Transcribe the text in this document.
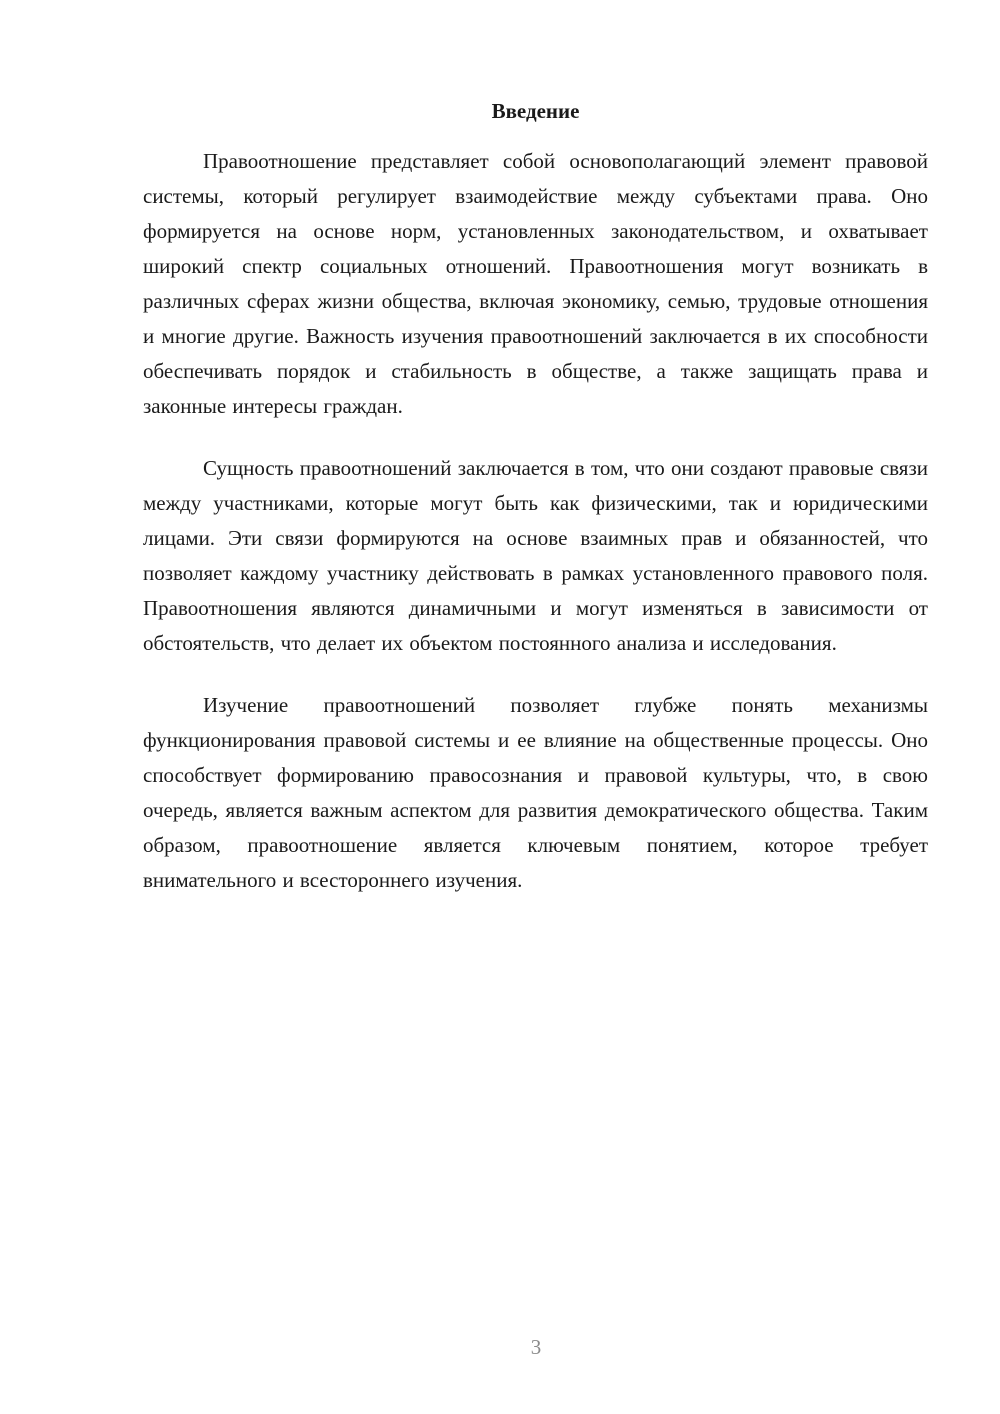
Введение

Правоотношение представляет собой основополагающий элемент правовой системы, который регулирует взаимодействие между субъектами права. Оно формируется на основе норм, установленных законодательством, и охватывает широкий спектр социальных отношений. Правоотношения могут возникать в различных сферах жизни общества, включая экономику, семью, трудовые отношения и многие другие. Важность изучения правоотношений заключается в их способности обеспечивать порядок и стабильность в обществе, а также защищать права и законные интересы граждан.

Сущность правоотношений заключается в том, что они создают правовые связи между участниками, которые могут быть как физическими, так и юридическими лицами. Эти связи формируются на основе взаимных прав и обязанностей, что позволяет каждому участнику действовать в рамках установленного правового поля. Правоотношения являются динамичными и могут изменяться в зависимости от обстоятельств, что делает их объектом постоянного анализа и исследования.

Изучение правоотношений позволяет глубже понять механизмы функционирования правовой системы и ее влияние на общественные процессы. Оно способствует формированию правосознания и правовой культуры, что, в свою очередь, является важным аспектом для развития демократического общества. Таким образом, правоотношение является ключевым понятием, которое требует внимательного и всестороннего изучения.

3
